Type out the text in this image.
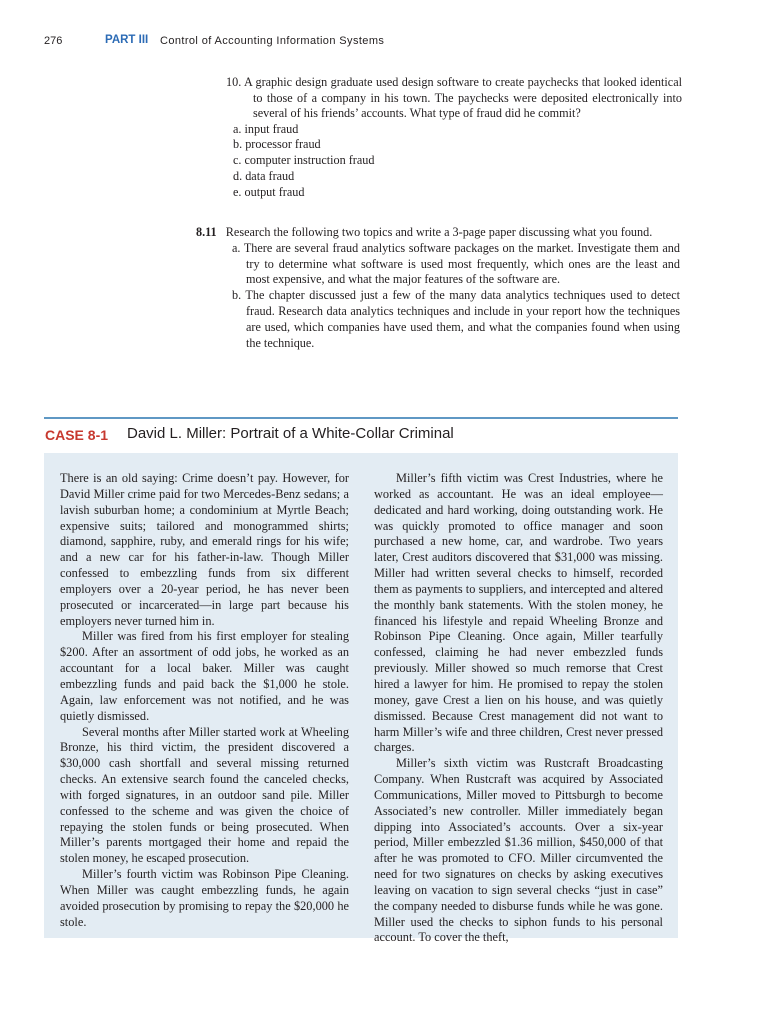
276	PART III Control of Accounting Information Systems

10. A graphic design graduate used design software to create paychecks that looked identical to those of a company in his town. The paychecks were deposited electronically into several of his friends’ accounts. What type of fraud did he commit?

a. input fraud
b. processor fraud
c. computer instruction fraud
d. data fraud
e. output fraud

8.11 Research the following two topics and write a 3-page paper discussing what you found.

a. There are several fraud analytics software packages on the market. Investigate them and try to determine what software is used most frequently, which ones are the least and most expensive, and what the major features of the software are.

b. The chapter discussed just a few of the many data analytics techniques used to detect fraud. Research data analytics techniques and include in your report how the techniques are used, which companies have used them, and what the companies found when using the technique.

CASE 8-1 David L. Miller: Portrait of a White-Collar Criminal

There is an old saying: Crime doesn’t pay. However, for David Miller crime paid for two Mercedes-Benz sedans; a lavish suburban home; a condominium at Myrtle Beach; expensive suits; tailored and monogrammed shirts; diamond, sapphire, ruby, and emerald rings for his wife; and a new car for his father-in-law. Though Miller confessed to embezzling funds from six different employers over a 20-year period, he has never been prosecuted or incarcerated—in large part because his employers never turned him in.

Miller was fired from his first employer for stealing $200. After an assortment of odd jobs, he worked as an accountant for a local baker. Miller was caught embezzling funds and paid back the $1,000 he stole. Again, law enforcement was not notified, and he was quietly dismissed.

Several months after Miller started work at Wheeling Bronze, his third victim, the president discovered a $30,000 cash shortfall and several missing returned checks. An extensive search found the canceled checks, with forged signatures, in an outdoor sand pile. Miller confessed to the scheme and was given the choice of repaying the stolen funds or being prosecuted. When Miller’s parents mortgaged their home and repaid the stolen money, he escaped prosecution.

Miller’s fourth victim was Robinson Pipe Cleaning. When Miller was caught embezzling funds, he again avoided prosecution by promising to repay the $20,000 he stole.

Miller’s fifth victim was Crest Industries, where he worked as accountant. He was an ideal employee—dedicated and hard working, doing outstanding work. He was quickly promoted to office manager and soon purchased a new home, car, and wardrobe. Two years later, Crest auditors discovered that $31,000 was missing. Miller had written several checks to himself, recorded them as payments to suppliers, and intercepted and altered the monthly bank statements. With the stolen money, he financed his lifestyle and repaid Wheeling Bronze and Robinson Pipe Cleaning. Once again, Miller tearfully confessed, claiming he had never embezzled funds previously. Miller showed so much remorse that Crest hired a lawyer for him. He promised to repay the stolen money, gave Crest a lien on his house, and was quietly dismissed. Because Crest management did not want to harm Miller’s wife and three children, Crest never pressed charges.

Miller’s sixth victim was Rustcraft Broadcasting Company. When Rustcraft was acquired by Associated Communications, Miller moved to Pittsburgh to become Associated’s new controller. Miller immediately began dipping into Associated’s accounts. Over a six-year period, Miller embezzled $1.36 million, $450,000 of that after he was promoted to CFO. Miller circumvented the need for two signatures on checks by asking executives leaving on vacation to sign several checks “just in case” the company needed to disburse funds while he was gone. Miller used the checks to siphon funds to his personal account. To cover the theft,
